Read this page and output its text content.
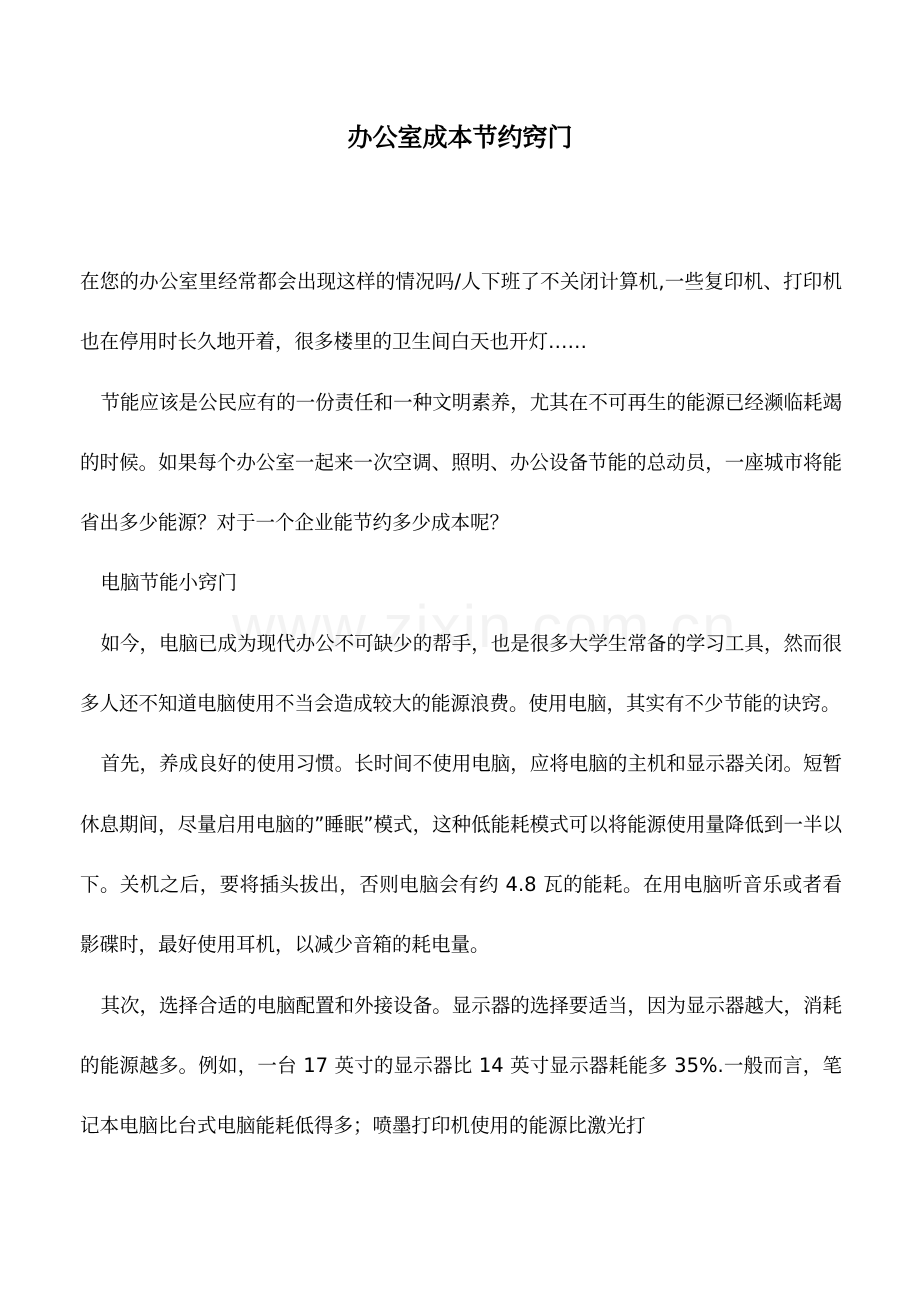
办公室成本节约窍门

在您的办公室里经常都会出现这样的情况吗/人下班了不关闭计算机,一些复印机、打印机也在停用时长久地开着，很多楼里的卫生间白天也开灯……

节能应该是公民应有的一份责任和一种文明素养，尤其在不可再生的能源已经濒临耗竭的时候。如果每个办公室一起来一次空调、照明、办公设备节能的总动员，一座城市将能省出多少能源？对于一个企业能节约多少成本呢？

电脑节能小窍门

如今，电脑已成为现代办公不可缺少的帮手，也是很多大学生常备的学习工具，然而很多人还不知道电脑使用不当会造成较大的能源浪费。使用电脑，其实有不少节能的诀窍。

首先，养成良好的使用习惯。长时间不使用电脑，应将电脑的主机和显示器关闭。短暂休息期间，尽量启用电脑的”睡眠”模式，这种低能耗模式可以将能源使用量降低到一半以下。关机之后，要将插头拔出，否则电脑会有约 4.8 瓦的能耗。在用电脑听音乐或者看影碟时，最好使用耳机，以减少音箱的耗电量。

其次，选择合适的电脑配置和外接设备。显示器的选择要适当，因为显示器越大，消耗的能源越多。例如，一台 17 英寸的显示器比 14 英寸显示器耗能多 35%.一般而言，笔记本电脑比台式电脑能耗低得多；喷墨打印机使用的能源比激光打
